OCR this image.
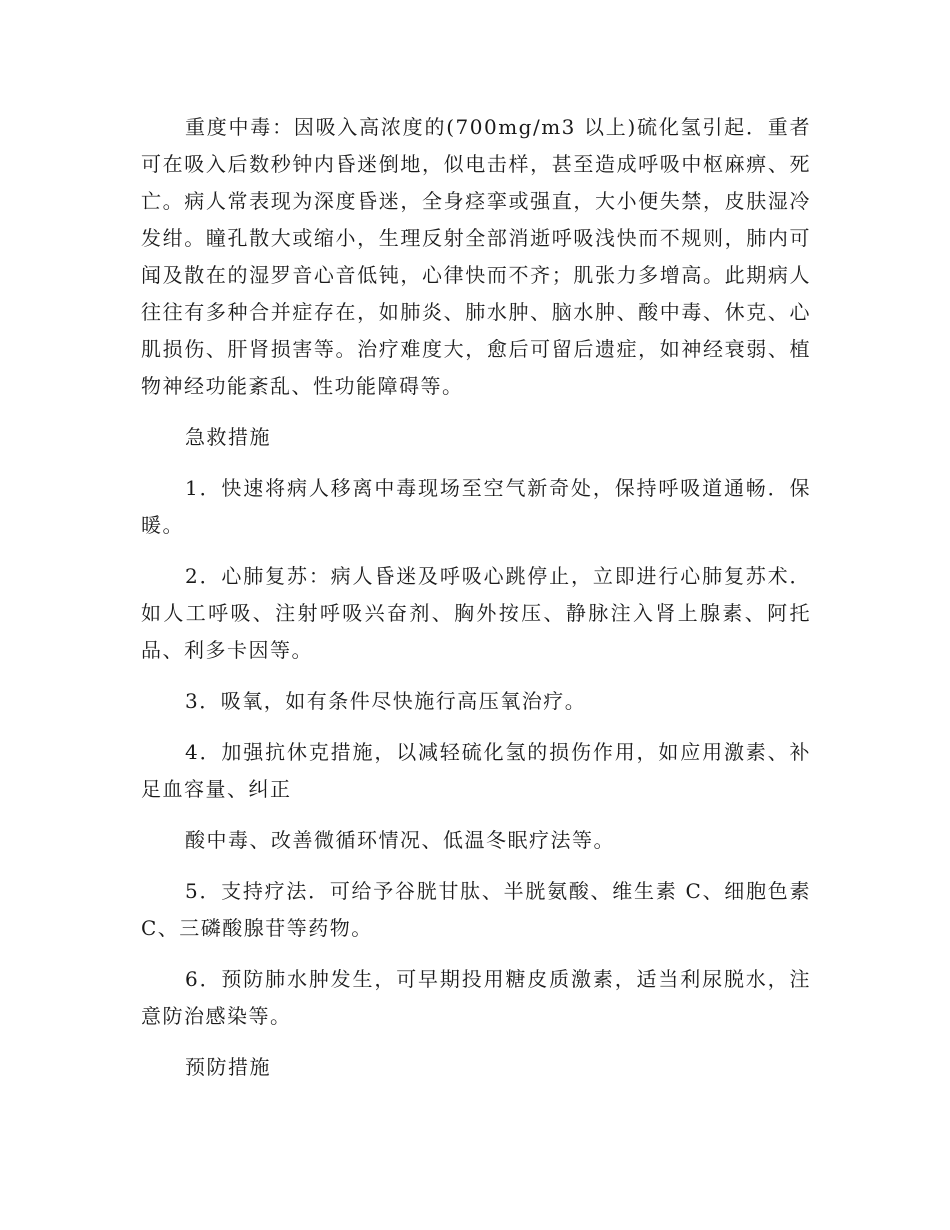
重度中毒：因吸入高浓度的(700mg/m3 以上)硫化氢引起．重者可在吸入后数秒钟内昏迷倒地，似电击样，甚至造成呼吸中枢麻痹、死亡。病人常表现为深度昏迷，全身痉挛或强直，大小便失禁，皮肤湿冷发绀。瞳孔散大或缩小，生理反射全部消逝呼吸浅快而不规则，肺内可闻及散在的湿罗音心音低钝，心律快而不齐；肌张力多增高。此期病人往往有多种合并症存在，如肺炎、肺水肿、脑水肿、酸中毒、休克、心肌损伤、肝肾损害等。治疗难度大，愈后可留后遗症，如神经衰弱、植物神经功能紊乱、性功能障碍等。

急救措施

1．快速将病人移离中毒现场至空气新奇处，保持呼吸道通畅．保暖。

2．心肺复苏：病人昏迷及呼吸心跳停止，立即进行心肺复苏术．如人工呼吸、注射呼吸兴奋剂、胸外按压、静脉注入肾上腺素、阿托品、利多卡因等。

3．吸氧，如有条件尽快施行高压氧治疗。

4．加强抗休克措施，以减轻硫化氢的损伤作用，如应用激素、补足血容量、纠正

酸中毒、改善微循环情况、低温冬眠疗法等。

5．支持疗法．可给予谷胱甘肽、半胱氨酸、维生素 C、细胞色素 C、三磷酸腺苷等药物。

6．预防肺水肿发生，可早期投用糖皮质激素，适当利尿脱水，注意防治感染等。

预防措施
